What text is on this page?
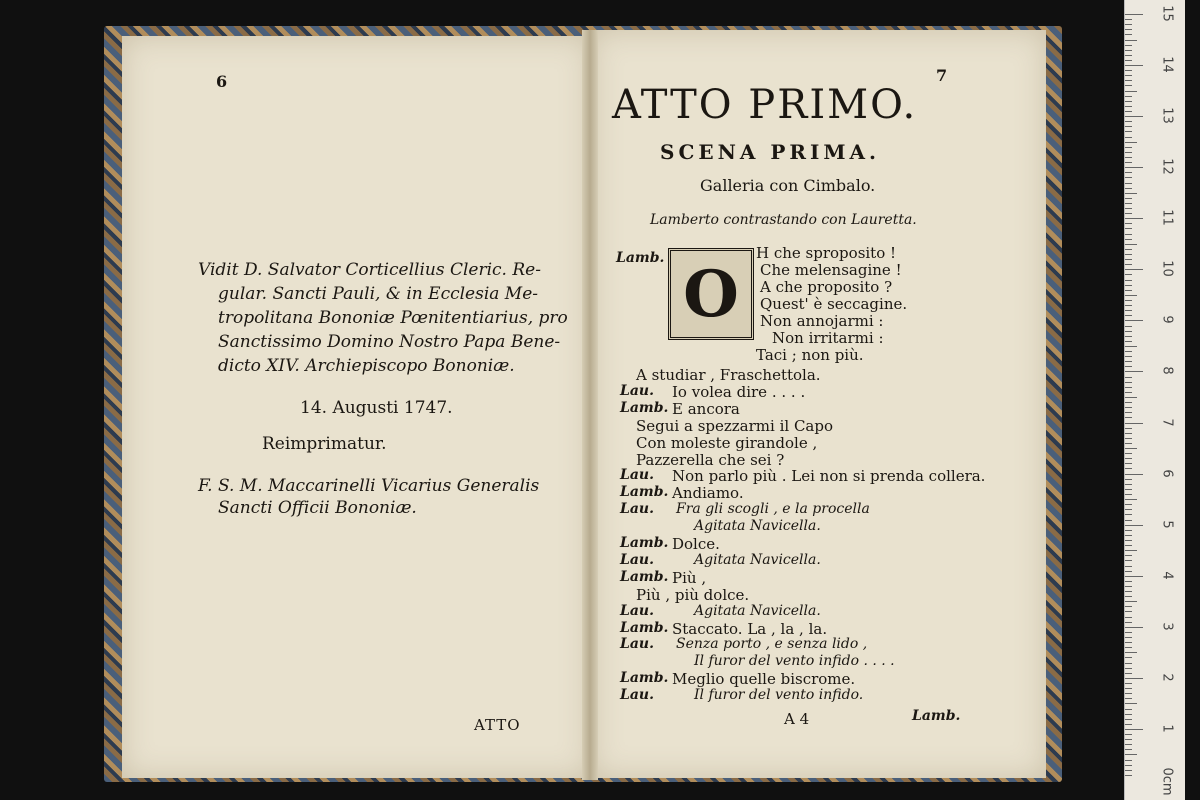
6
Vidit D. Salvator Corticellius Cleric. Re-
gular. Sancti Pauli, & in Ecclesia Me-
tropolitana Bononiæ Pœnitentiarius, pro
Sanctissimo Domino Nostro Papa Bene-
dicto XIV. Archiepiscopo Bononiæ.
14. Augusti 1747.
Reimprimatur.
F. S. M. Maccarinelli Vicarius Generalis
Sancti Officii Bononiæ.
ATTO
7
ATTO PRIMO.
SCENA PRIMA.
Galleria con Cimbalo.
Lamberto contrastando con Lauretta.
Lamb. O
H che sproposito !
Che melensagine !
A che proposito ?
Quest' è seccagine.
Non annojarmi :
Non irritarmi :
Taci ; non più.
A studiar , Fraschettola.
Lau. Io volea dire . . . .
Lamb. E ancora
Segui a spezzarmi il Capo
Con moleste girandole ,
Pazzerella che sei ?
Lau. Non parlo più . Lei non si prenda collera.
Lamb. Andiamo.
Lau. Fra gli scogli , e la procella
Agitata Navicella.
Lamb. Dolce.
Lau.	Agitata Navicella.
Lamb. Più ,
Più , più dolce.
Lau.	Agitata Navicella.
Lamb. Staccato. La , la , la.
Lau. Senza porto , e senza lido ,
Il furor del vento infido . . . .
Lamb. Meglio quelle biscrome.
Lau.	Il furor del vento infido.
A 4	Lamb.
15
14
13
12
11
10
9
8
7
6
5
4
3
2
1
0cm
